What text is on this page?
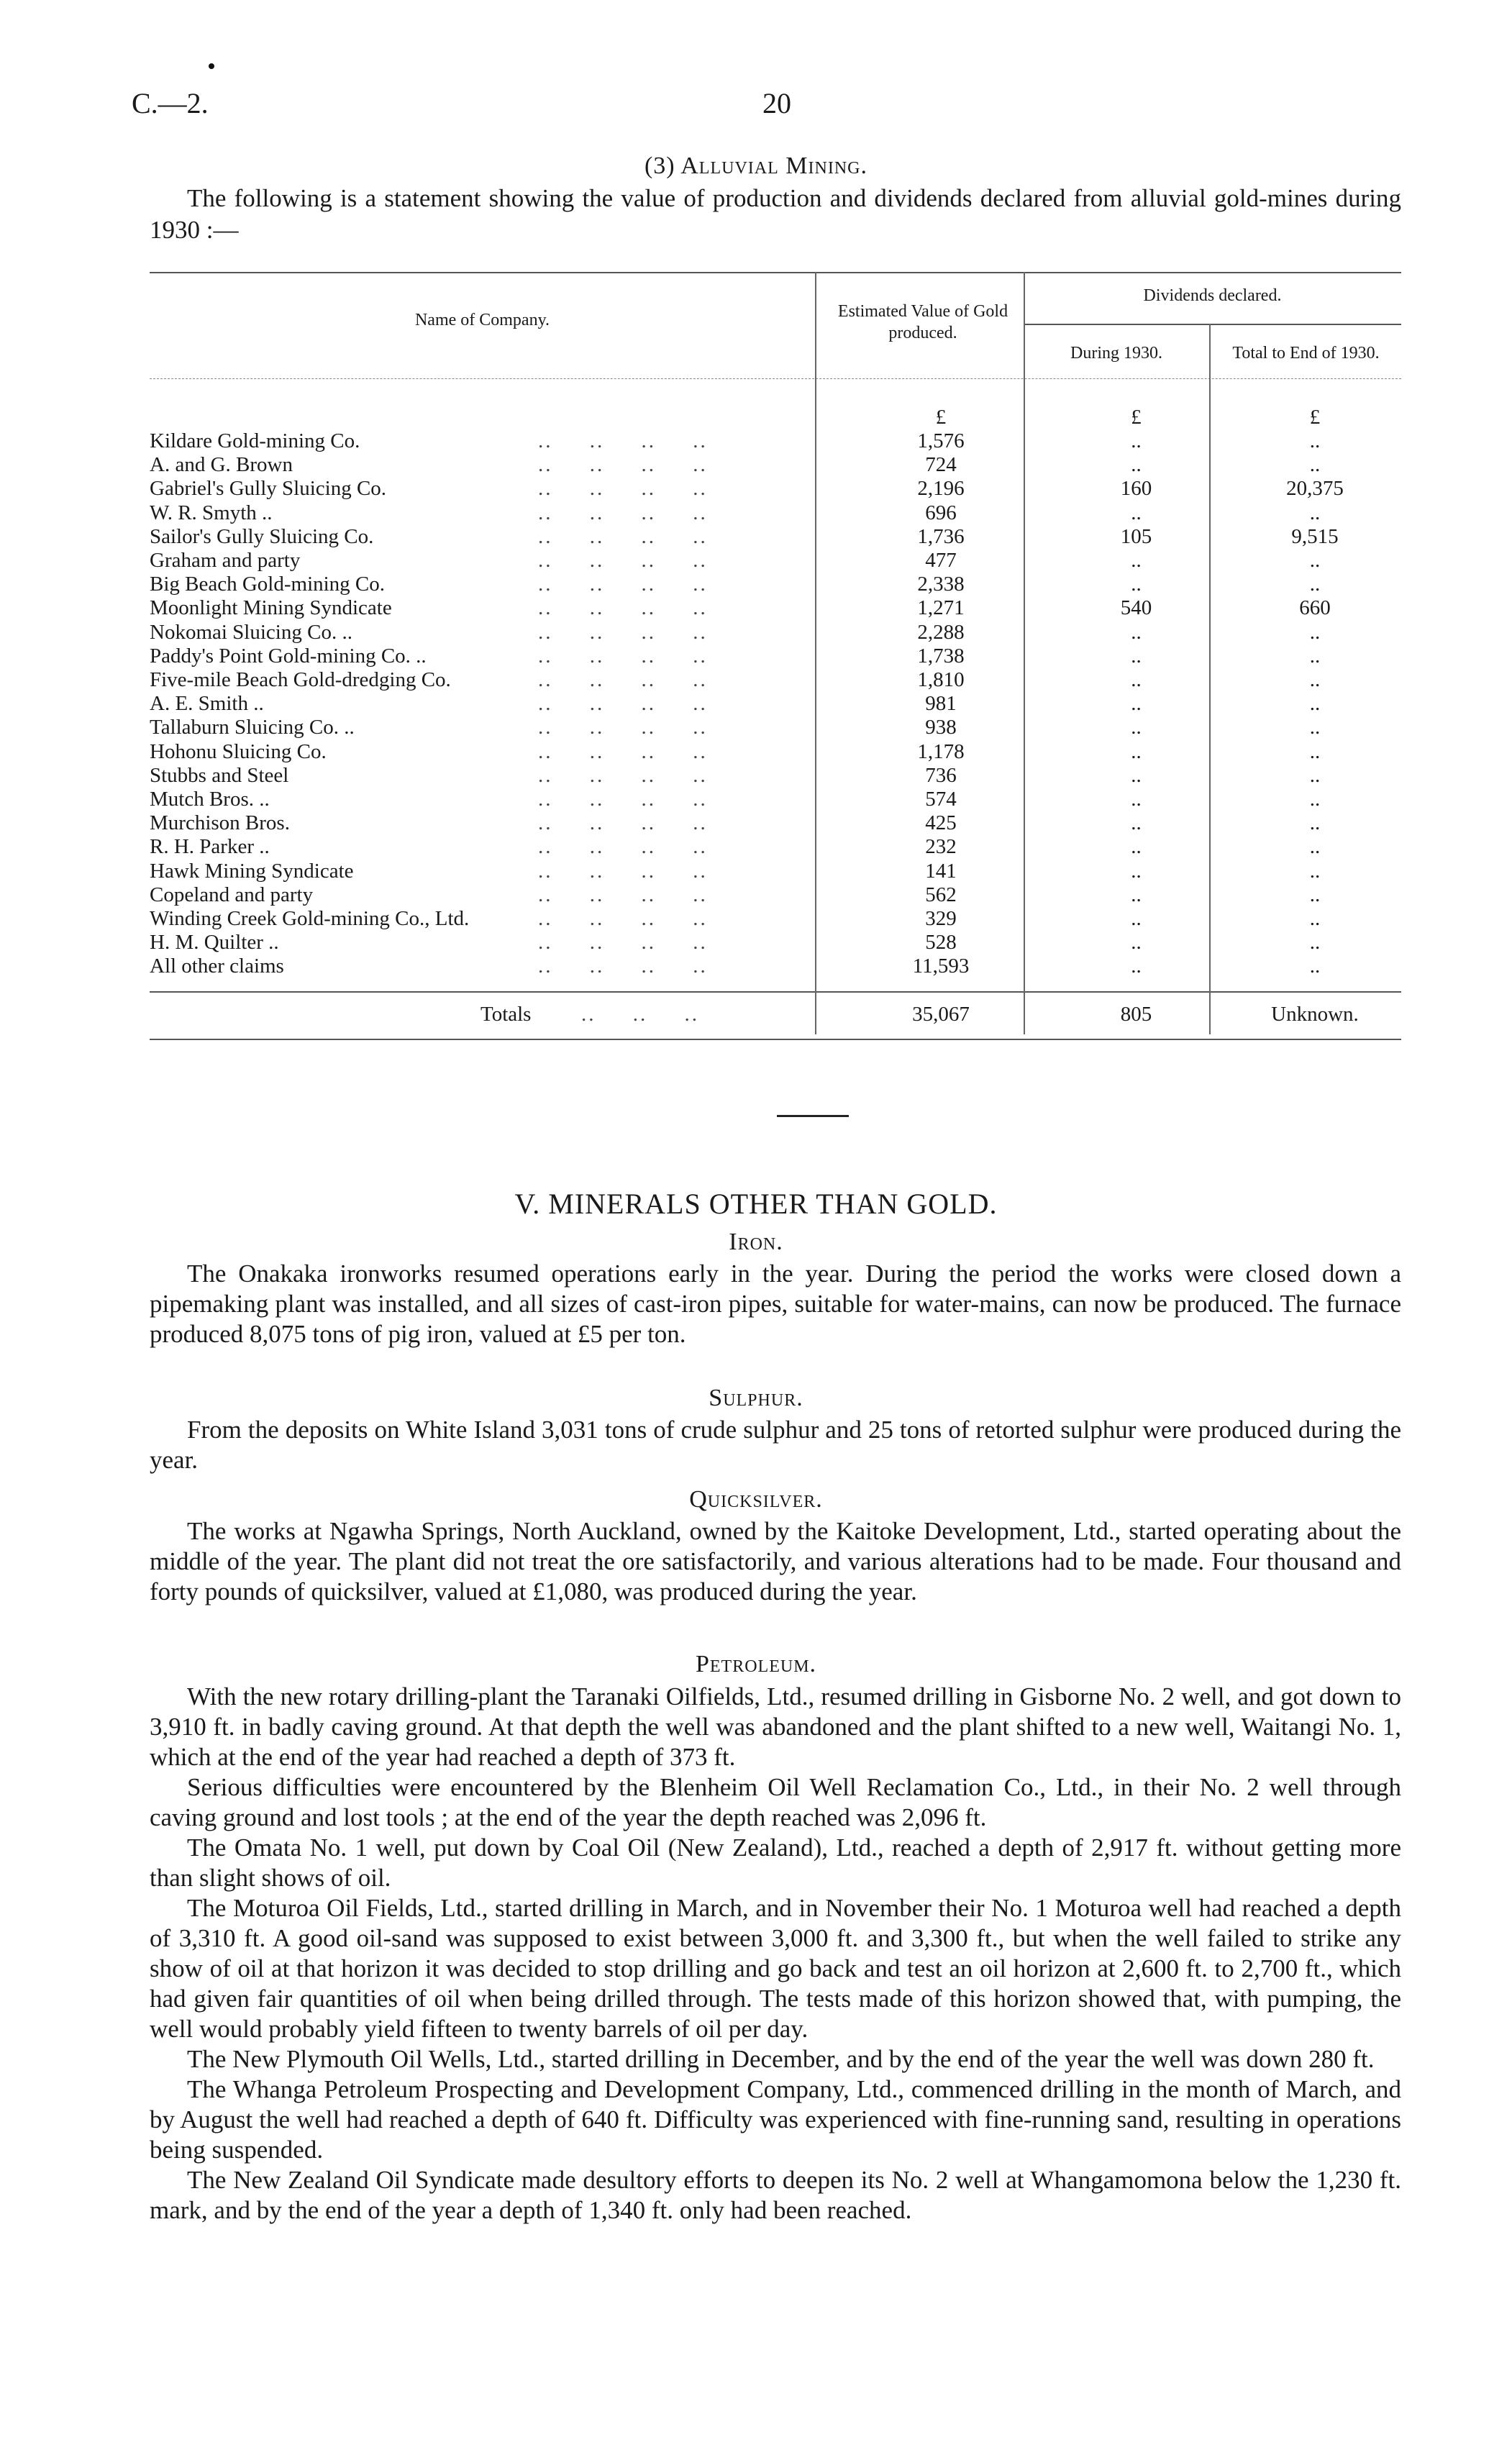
C.—2.	20
(3) Alluvial Mining.
The following is a statement showing the value of production and dividends declared from alluvial gold-mines during 1930 :—
Name of Company.	Estimated Value of Gold produced.
Dividends declared.
During 1930.	Total to End of 1930.
£	£	£
Kildare Gold-mining Co.	..     ..     ..     ..	1,576	..	..
A. and G. Brown	..     ..     ..     ..	724	..	..
Gabriel's Gully Sluicing Co.	..     ..     ..     ..	2,196	160	20,375
W. R. Smyth ..	..     ..     ..     ..	696	..	..
Sailor's Gully Sluicing Co.	..     ..     ..     ..	1,736	105	9,515
Graham and party	..     ..     ..     ..	477	..	..
Big Beach Gold-mining Co.	..     ..     ..     ..	2,338	..	..
Moonlight Mining Syndicate	..     ..     ..     ..	1,271	540	660
Nokomai Sluicing Co. ..	..     ..     ..     ..	2,288	..	..
Paddy's Point Gold-mining Co. ..	..     ..     ..     ..	1,738	..	..
Five-mile Beach Gold-dredging Co.	..     ..     ..     ..	1,810	..	..
A. E. Smith ..	..     ..     ..     ..	981	..	..
Tallaburn Sluicing Co. ..	..     ..     ..     ..	938	..	..
Hohonu Sluicing Co.	..     ..     ..     ..	1,178	..	..
Stubbs and Steel	..     ..     ..     ..	736	..	..
Mutch Bros. ..	..     ..     ..     ..	574	..	..
Murchison Bros.	..     ..     ..     ..	425	..	..
R. H. Parker ..	..     ..     ..     ..	232	..	..
Hawk Mining Syndicate	..     ..     ..     ..	141	..	..
Copeland and party	..     ..     ..     ..	562	..	..
Winding Creek Gold-mining Co., Ltd.	..     ..     ..     ..	329	..	..
H. M. Quilter ..	..     ..     ..     ..	528	..	..
All other claims	..     ..     ..     ..	11,593	..	..
Totals ..     ..     ..	35,067	805	Unknown.
V. MINERALS OTHER THAN GOLD.
Iron.
The Onakaka ironworks resumed operations early in the year. During the period the works were closed down a pipemaking plant was installed, and all sizes of cast-iron pipes, suitable for water-mains, can now be produced. The furnace produced 8,075 tons of pig iron, valued at £5 per ton.
Sulphur.
From the deposits on White Island 3,031 tons of crude sulphur and 25 tons of retorted sulphur were produced during the year.
Quicksilver.
The works at Ngawha Springs, North Auckland, owned by the Kaitoke Development, Ltd., started operating about the middle of the year. The plant did not treat the ore satisfactorily, and various alterations had to be made. Four thousand and forty pounds of quicksilver, valued at £1,080, was produced during the year.
Petroleum.
With the new rotary drilling-plant the Taranaki Oilfields, Ltd., resumed drilling in Gisborne No. 2 well, and got down to 3,910 ft. in badly caving ground. At that depth the well was abandoned and the plant shifted to a new well, Waitangi No. 1, which at the end of the year had reached a depth of 373 ft.
Serious difficulties were encountered by the Blenheim Oil Well Reclamation Co., Ltd., in their No. 2 well through caving ground and lost tools ; at the end of the year the depth reached was 2,096 ft.
The Omata No. 1 well, put down by Coal Oil (New Zealand), Ltd., reached a depth of 2,917 ft. without getting more than slight shows of oil.
The Moturoa Oil Fields, Ltd., started drilling in March, and in November their No. 1 Moturoa well had reached a depth of 3,310 ft. A good oil-sand was supposed to exist between 3,000 ft. and 3,300 ft., but when the well failed to strike any show of oil at that horizon it was decided to stop drilling and go back and test an oil horizon at 2,600 ft. to 2,700 ft., which had given fair quantities of oil when being drilled through. The tests made of this horizon showed that, with pumping, the well would probably yield fifteen to twenty barrels of oil per day.
The New Plymouth Oil Wells, Ltd., started drilling in December, and by the end of the year the well was down 280 ft.
The Whanga Petroleum Prospecting and Development Company, Ltd., commenced drilling in the month of March, and by August the well had reached a depth of 640 ft. Difficulty was experienced with fine-running sand, resulting in operations being suspended.
The New Zealand Oil Syndicate made desultory efforts to deepen its No. 2 well at Whangamomona below the 1,230 ft. mark, and by the end of the year a depth of 1,340 ft. only had been reached.
